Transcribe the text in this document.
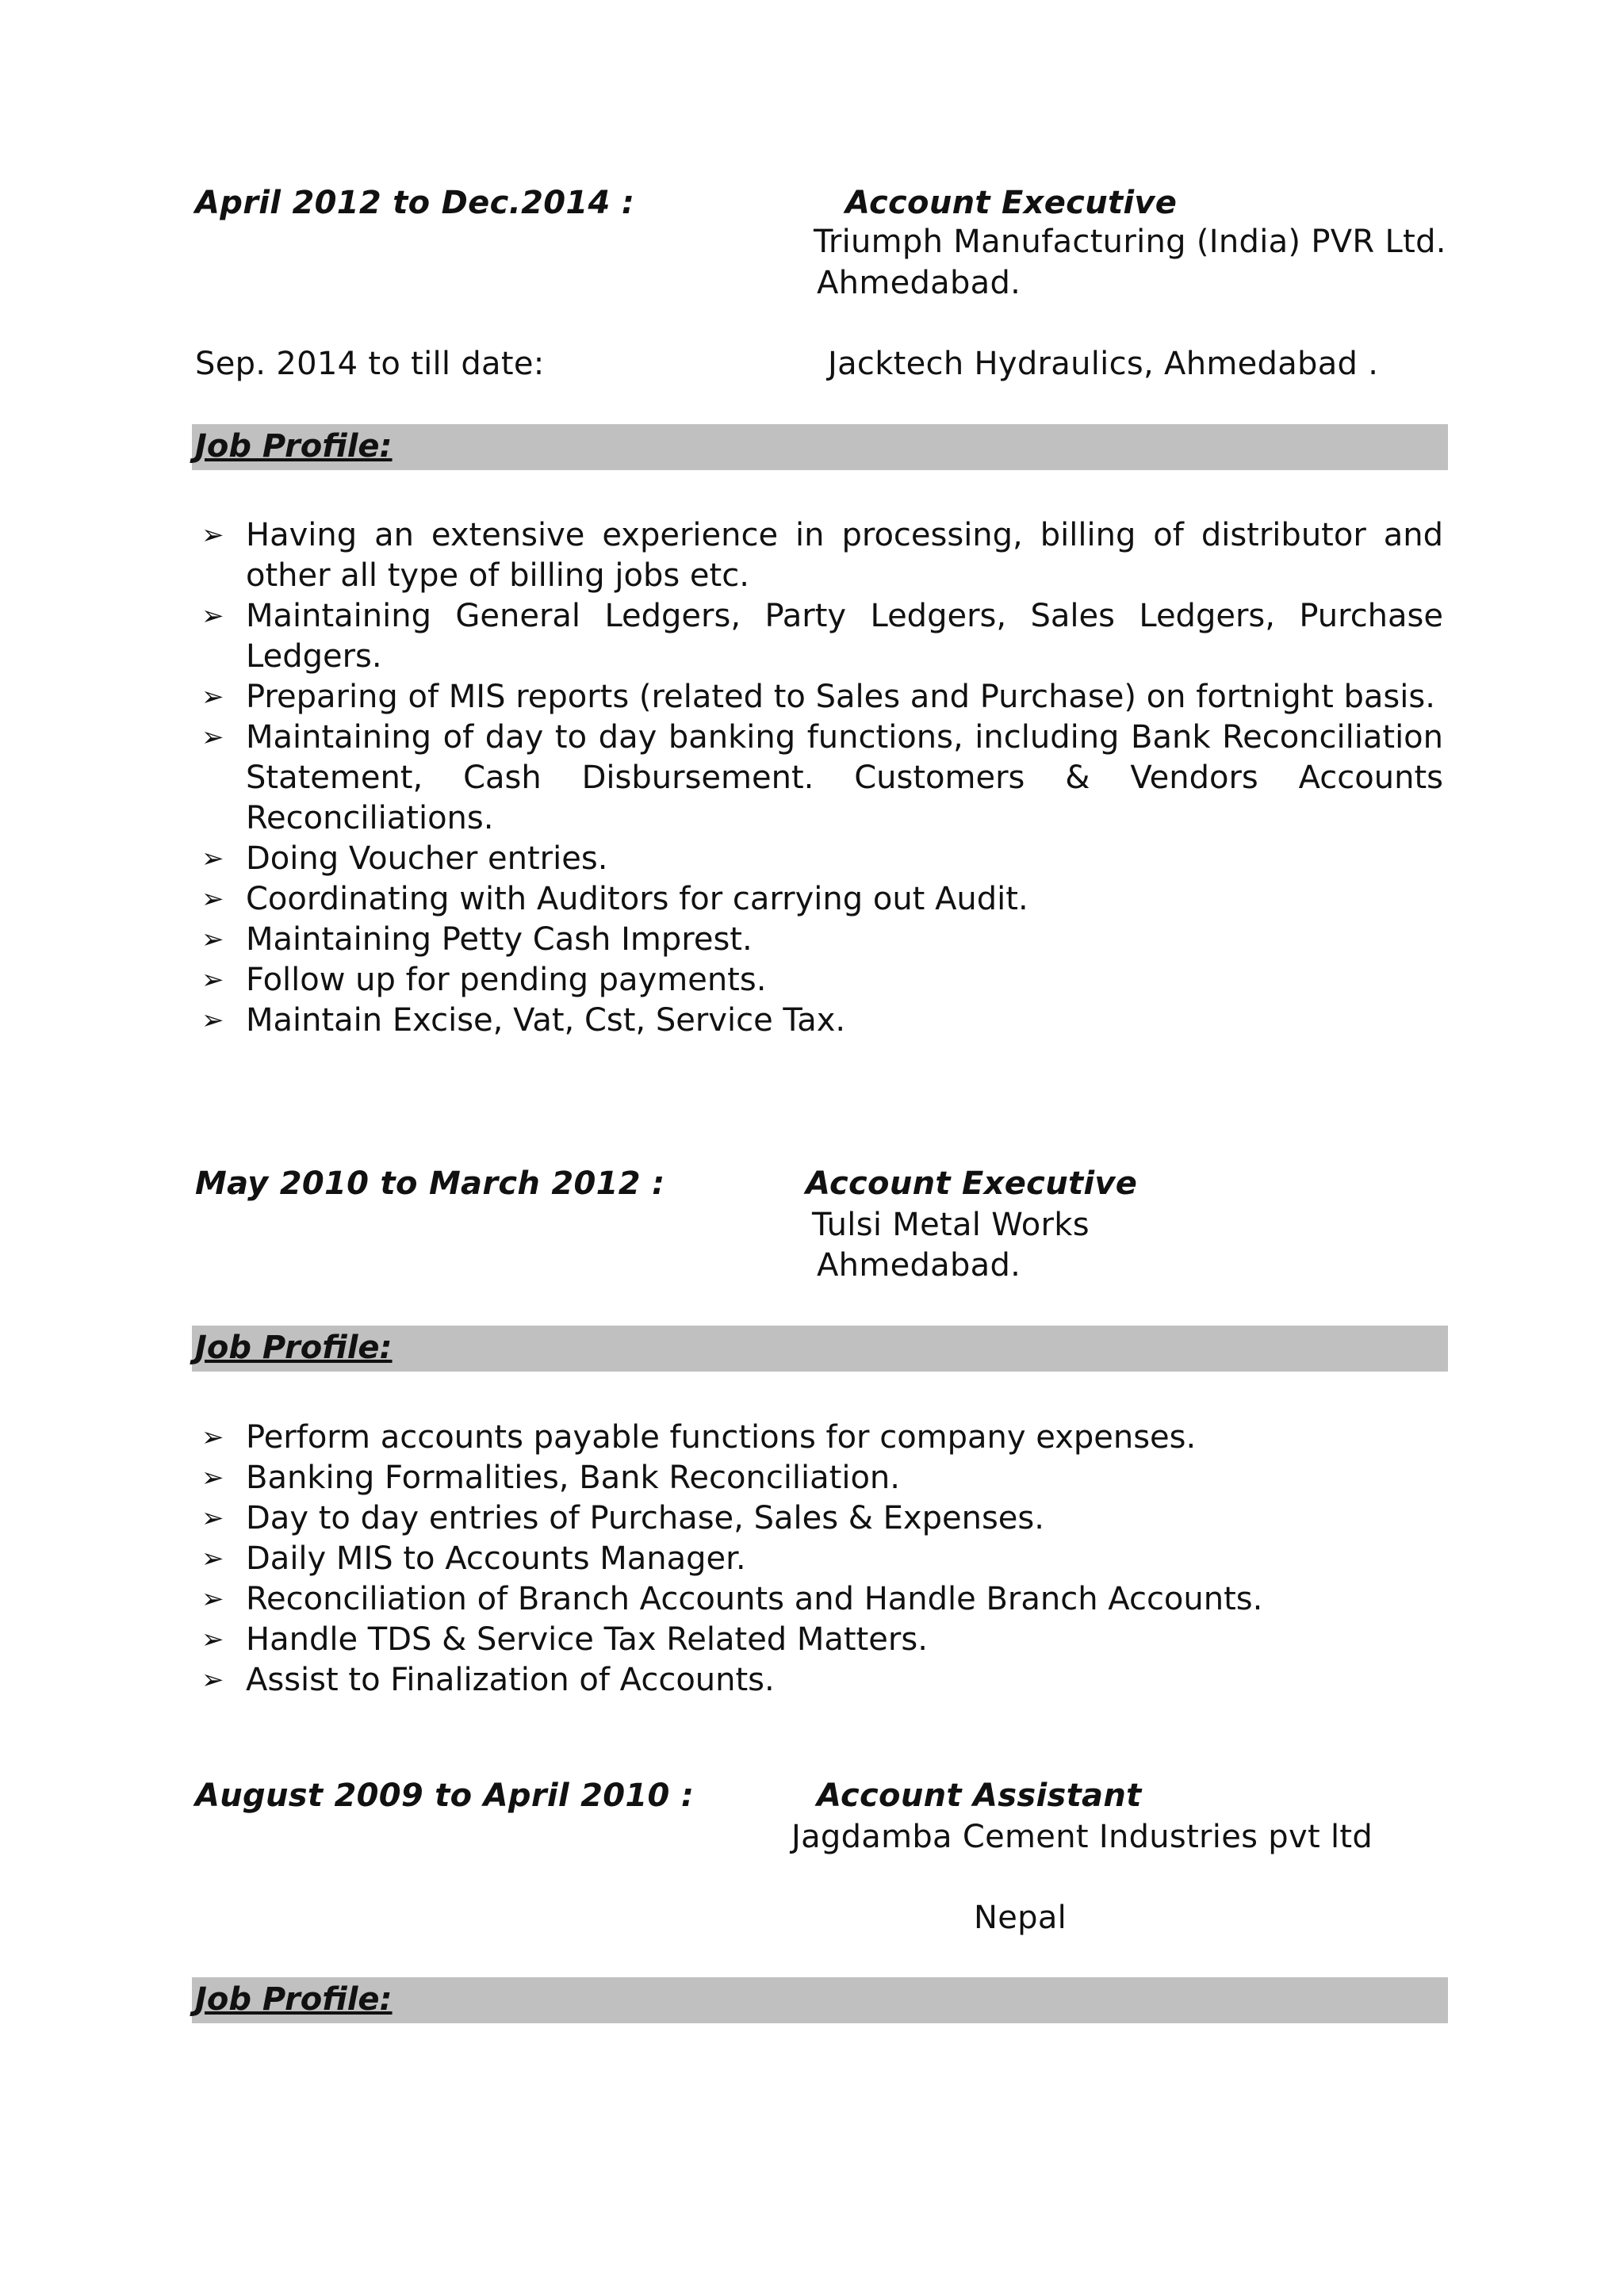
April 2012 to Dec.2014 :	Account Executive
Triumph Manufacturing (India) PVR Ltd.
Ahmedabad.
Sep. 2014 to till date:	Jacktech Hydraulics, Ahmedabad .
Job Profile:
➢ Having an extensive experience in processing, billing of distributor and other all type of billing jobs etc.
➢ Maintaining General Ledgers, Party Ledgers, Sales Ledgers, Purchase Ledgers.
➢ Preparing of MIS reports (related to Sales and Purchase) on fortnight basis.
➢ Maintaining of day to day banking functions, including Bank Reconciliation Statement, Cash Disbursement. Customers & Vendors Accounts Reconciliations.
➢ Doing Voucher entries.
➢ Coordinating with Auditors for carrying out Audit.
➢ Maintaining Petty Cash Imprest.
➢ Follow up for pending payments.
➢ Maintain Excise, Vat, Cst, Service Tax.
May 2010 to March 2012 :	Account Executive
Tulsi Metal Works
Ahmedabad.
Job Profile:
➢ Perform accounts payable functions for company expenses.
➢ Banking Formalities, Bank Reconciliation.
➢ Day to day entries of Purchase, Sales & Expenses.
➢ Daily MIS to Accounts Manager.
➢ Reconciliation of Branch Accounts and Handle Branch Accounts.
➢ Handle TDS & Service Tax Related Matters.
➢ Assist to Finalization of Accounts.
August 2009 to April 2010 :	Account Assistant
Jagdamba Cement Industries pvt ltd
Nepal
Job Profile:
